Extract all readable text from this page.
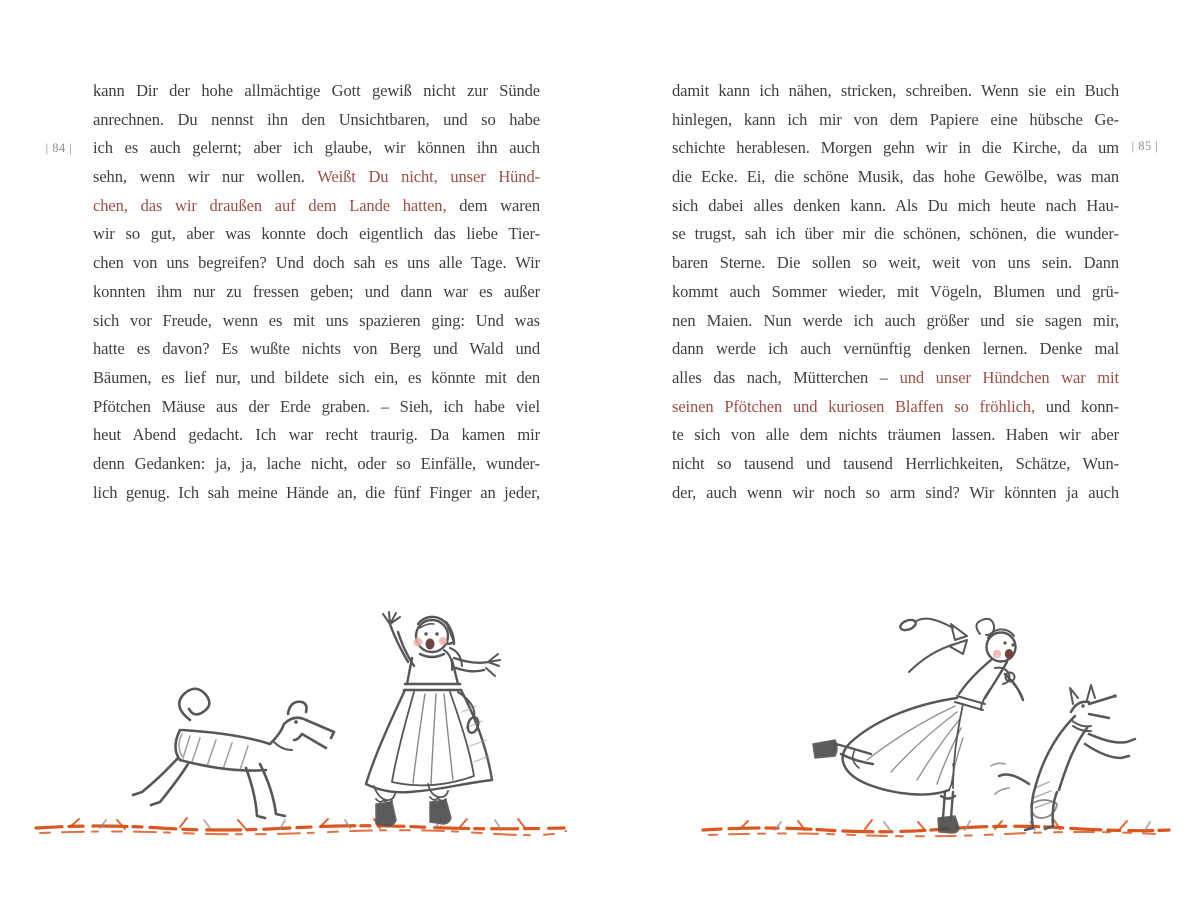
| 84 |
kann Dir der hohe allmächtige Gott gewiß nicht zur Sünde
anrechnen. Du nennst ihn den Unsichtbaren, und so habe
ich es auch gelernt; aber ich glaube, wir können ihn auch
sehn, wenn wir nur wollen. Weißt Du nicht, unser Hünd-
chen, das wir draußen auf dem Lande hatten, dem waren
wir so gut, aber was konnte doch eigentlich das liebe Tier-
chen von uns begreifen? Und doch sah es uns alle Tage. Wir
konnten ihm nur zu fressen geben; und dann war es außer
sich vor Freude, wenn es mit uns spazieren ging: Und was
hatte es davon? Es wußte nichts von Berg und Wald und
Bäumen, es lief nur, und bildete sich ein, es könnte mit den
Pfötchen Mäuse aus der Erde graben. – Sieh, ich habe viel
heut Abend gedacht. Ich war recht traurig. Da kamen mir
denn Gedanken: ja, ja, lache nicht, oder so Einfälle, wunder-
lich genug. Ich sah meine Hände an, die fünf Finger an jeder,
| 85 |
damit kann ich nähen, stricken, schreiben. Wenn sie ein Buch
hinlegen, kann ich mir von dem Papiere eine hübsche Ge-
schichte herablesen. Morgen gehn wir in die Kirche, da um
die Ecke. Ei, die schöne Musik, das hohe Gewölbe, was man
sich dabei alles denken kann. Als Du mich heute nach Hau-
se trugst, sah ich über mir die schönen, schönen, die wunder-
baren Sterne. Die sollen so weit, weit von uns sein. Dann
kommt auch Sommer wieder, mit Vögeln, Blumen und grü-
nen Maien. Nun werde ich auch größer und sie sagen mir,
dann werde ich auch vernünftig denken lernen. Denke mal
alles das nach, Mütterchen – und unser Hündchen war mit
seinen Pfötchen und kuriosen Blaffen so fröhlich, und konn-
te sich von alle dem nichts träumen lassen. Haben wir aber
nicht so tausend und tausend Herrlichkeiten, Schätze, Wun-
der, auch wenn wir noch so arm sind? Wir könnten ja auch
